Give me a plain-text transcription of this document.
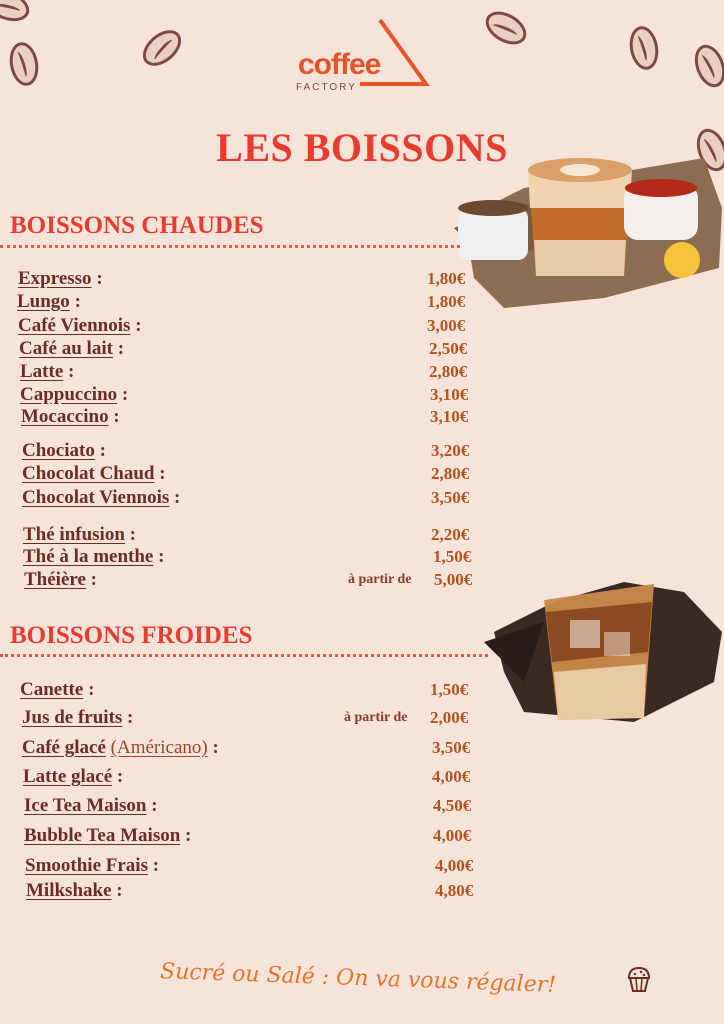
coffee
FACTORY
LES BOISSONS
BOISSONS CHAUDES
Expresso :	1,80€
Lungo :	1,80€
Café Viennois :	3,00€
Café au lait :	2,50€
Latte :	2,80€
Cappuccino :	3,10€
Mocaccino :	3,10€
Chociato :	3,20€
Chocolat Chaud :	2,80€
Chocolat Viennois :	3,50€
Thé infusion :	2,20€
Thé à la menthe :	1,50€
Théière :	à partir de 5,00€
BOISSONS FROIDES
Canette :	1,50€
Jus de fruits :	à partir de 2,00€
Café glacé (Américano) :	3,50€
Latte glacé :	4,00€
Ice Tea Maison :	4,50€
Bubble Tea Maison :	4,00€
Smoothie Frais :	4,00€
Milkshake :	4,80€
Sucré ou Salé : On va vous régaler!
